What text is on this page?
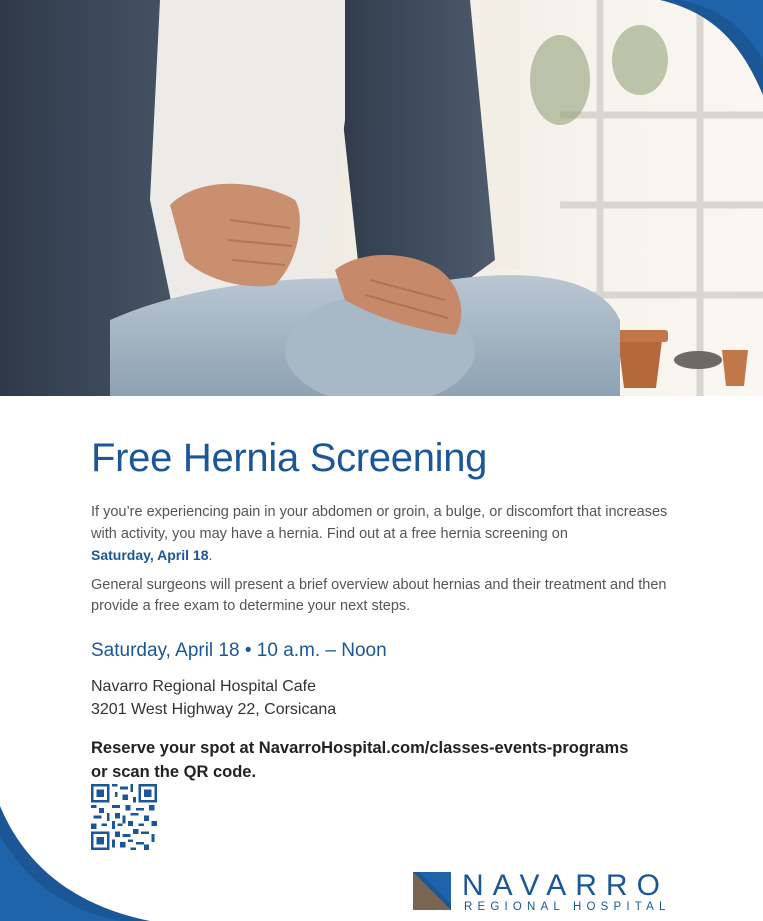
Free Hernia Screening

If you’re experiencing pain in your abdomen or groin, a bulge, or discomfort that increases with activity, you may have a hernia. Find out at a free hernia screening on
Saturday, April 18.

General surgeons will present a brief overview about hernias and their treatment and then provide a free exam to determine your next steps.

Saturday, April 18 • 10 a.m. – Noon

Navarro Regional Hospital Cafe

3201 West Highway 22, Corsicana

Reserve your spot at NavarroHospital.com/classes-events-programs
or scan the QR code.

NAVARRO
REGIONAL HOSPITAL
